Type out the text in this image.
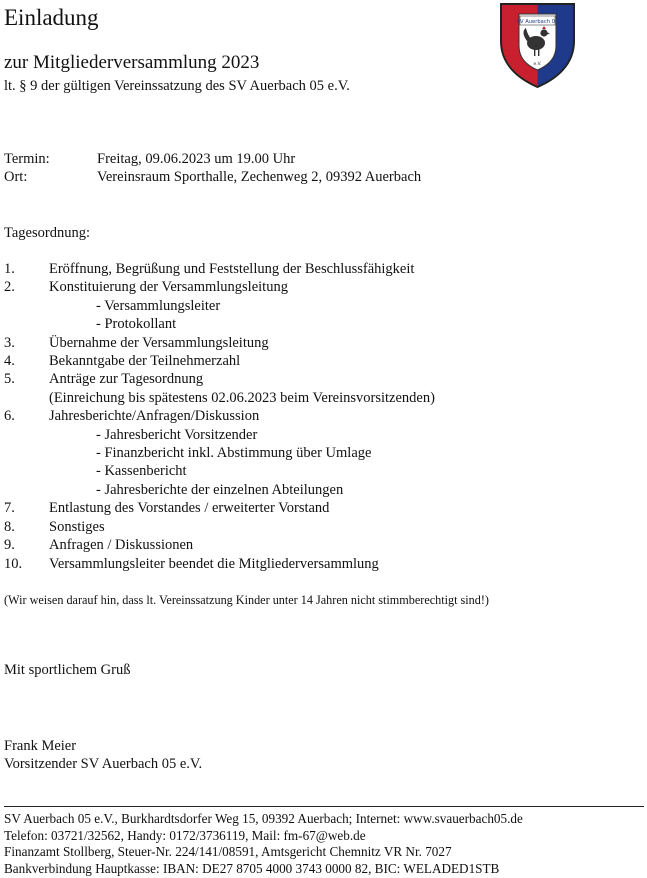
Einladung
zur Mitgliederversammlung 2023
lt. § 9 der gültigen Vereinssatzung des SV Auerbach 05 e.V.
SV Auerbach 05
e.V.
Termin:	Freitag, 09.06.2023 um 19.00 Uhr
Ort:	Vereinsraum Sporthalle, Zechenweg 2, 09392 Auerbach
Tagesordnung:
1. Eröffnung, Begrüßung und Feststellung der Beschlussfähigkeit
2. Konstituierung der Versammlungsleitung
- Versammlungsleiter
- Protokollant
3. Übernahme der Versammlungsleitung
4. Bekanntgabe der Teilnehmerzahl
5. Anträge zur Tagesordnung
(Einreichung bis spätestens 02.06.2023 beim Vereinsvorsitzenden)
6. Jahresberichte/Anfragen/Diskussion
- Jahresbericht Vorsitzender
- Finanzbericht inkl. Abstimmung über Umlage
- Kassenbericht
- Jahresberichte der einzelnen Abteilungen
7. Entlastung des Vorstandes / erweiterter Vorstand
8. Sonstiges
9. Anfragen / Diskussionen
10. Versammlungsleiter beendet die Mitgliederversammlung
(Wir weisen darauf hin, dass lt. Vereinssatzung Kinder unter 14 Jahren nicht stimmberechtigt sind!)
Mit sportlichem Gruß
Frank Meier
Vorsitzender SV Auerbach 05 e.V.
SV Auerbach 05 e.V., Burkhardtsdorfer Weg 15, 09392 Auerbach; Internet: www.svauerbach05.de
Telefon: 03721/32562, Handy: 0172/3736119, Mail: fm-67@web.de
Finanzamt Stollberg, Steuer-Nr. 224/141/08591, Amtsgericht Chemnitz VR Nr. 7027
Bankverbindung Hauptkasse: IBAN: DE27 8705 4000 3743 0000 82, BIC: WELADED1STB
